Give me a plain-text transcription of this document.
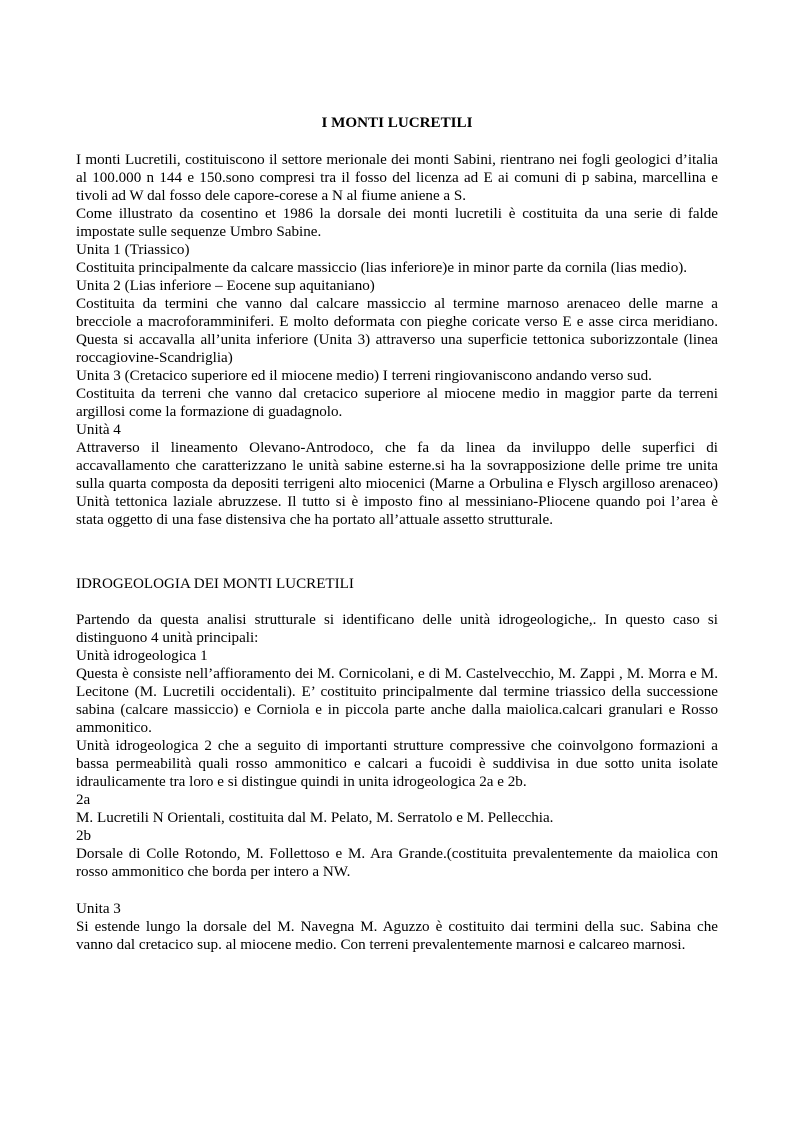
I MONTI LUCRETILI

I monti Lucretili, costituiscono il settore merionale dei monti Sabini, rientrano nei fogli geologici d’italia al 100.000 n 144 e 150.sono compresi tra il fosso del licenza ad E ai comuni di p sabina, marcellina e tivoli ad W dal fosso dele capore-corese a N al fiume aniene a S.

Come illustrato da cosentino et 1986 la dorsale dei monti lucretili è costituita da una serie di falde impostate sulle sequenze Umbro Sabine.

Unita 1 (Triassico)

Costituita principalmente da calcare massiccio (lias inferiore)e in minor parte da cornila (lias medio).

Unita 2 (Lias inferiore – Eocene sup aquitaniano)

Costituita da termini che vanno dal calcare massiccio al termine marnoso arenaceo delle marne a brecciole a macroforamminiferi. E molto deformata con pieghe coricate verso E e asse circa meridiano. Questa si accavalla all’unita inferiore (Unita 3) attraverso una superficie tettonica suborizzontale (linea roccagiovine-Scandriglia)

Unita 3 (Cretacico superiore ed il miocene medio) I terreni ringiovaniscono andando verso sud.

Costituita da terreni che vanno dal cretacico superiore al miocene medio in maggior parte da terreni argillosi come la formazione di guadagnolo.

Unità 4

Attraverso il lineamento Olevano-Antrodoco, che fa da linea da inviluppo delle superfici di accavallamento che caratterizzano le unità sabine esterne.si ha la sovrapposizione delle prime tre unita sulla quarta composta da depositi terrigeni alto miocenici (Marne a Orbulina e Flysch argilloso arenaceo) Unità tettonica laziale abruzzese. Il tutto si è imposto fino al messiniano-Pliocene quando poi l’area è stata oggetto di una fase distensiva che ha portato all’attuale assetto strutturale.

IDROGEOLOGIA DEI MONTI LUCRETILI

Partendo da questa analisi strutturale si identificano delle unità idrogeologiche,. In questo caso si distinguono 4 unità principali:

Unità idrogeologica 1

Questa è consiste nell’affioramento dei M. Cornicolani, e di M. Castelvecchio, M. Zappi , M. Morra e M. Lecitone (M. Lucretili occidentali). E’ costituito principalmente dal termine triassico della successione sabina (calcare massiccio) e Corniola e in piccola parte anche dalla maiolica.calcari granulari e Rosso ammonitico.

Unità idrogeologica 2 che a seguito di importanti strutture compressive che coinvolgono formazioni a bassa permeabilità quali rosso ammonitico e calcari a fucoidi è suddivisa in due sotto unita isolate idraulicamente tra loro e si distingue quindi in unita idrogeologica 2a e 2b.

2a

M. Lucretili N Orientali, costituita dal M. Pelato, M. Serratolo e M. Pellecchia.

2b

Dorsale di Colle Rotondo, M. Follettoso e M. Ara Grande.(costituita prevalentemente da maiolica con rosso ammonitico che borda per intero a NW.

Unita 3

Si estende lungo la dorsale del M. Navegna M. Aguzzo è costituito dai termini della suc. Sabina che vanno dal cretacico sup. al miocene medio. Con terreni prevalentemente marnosi e calcareo marnosi.
